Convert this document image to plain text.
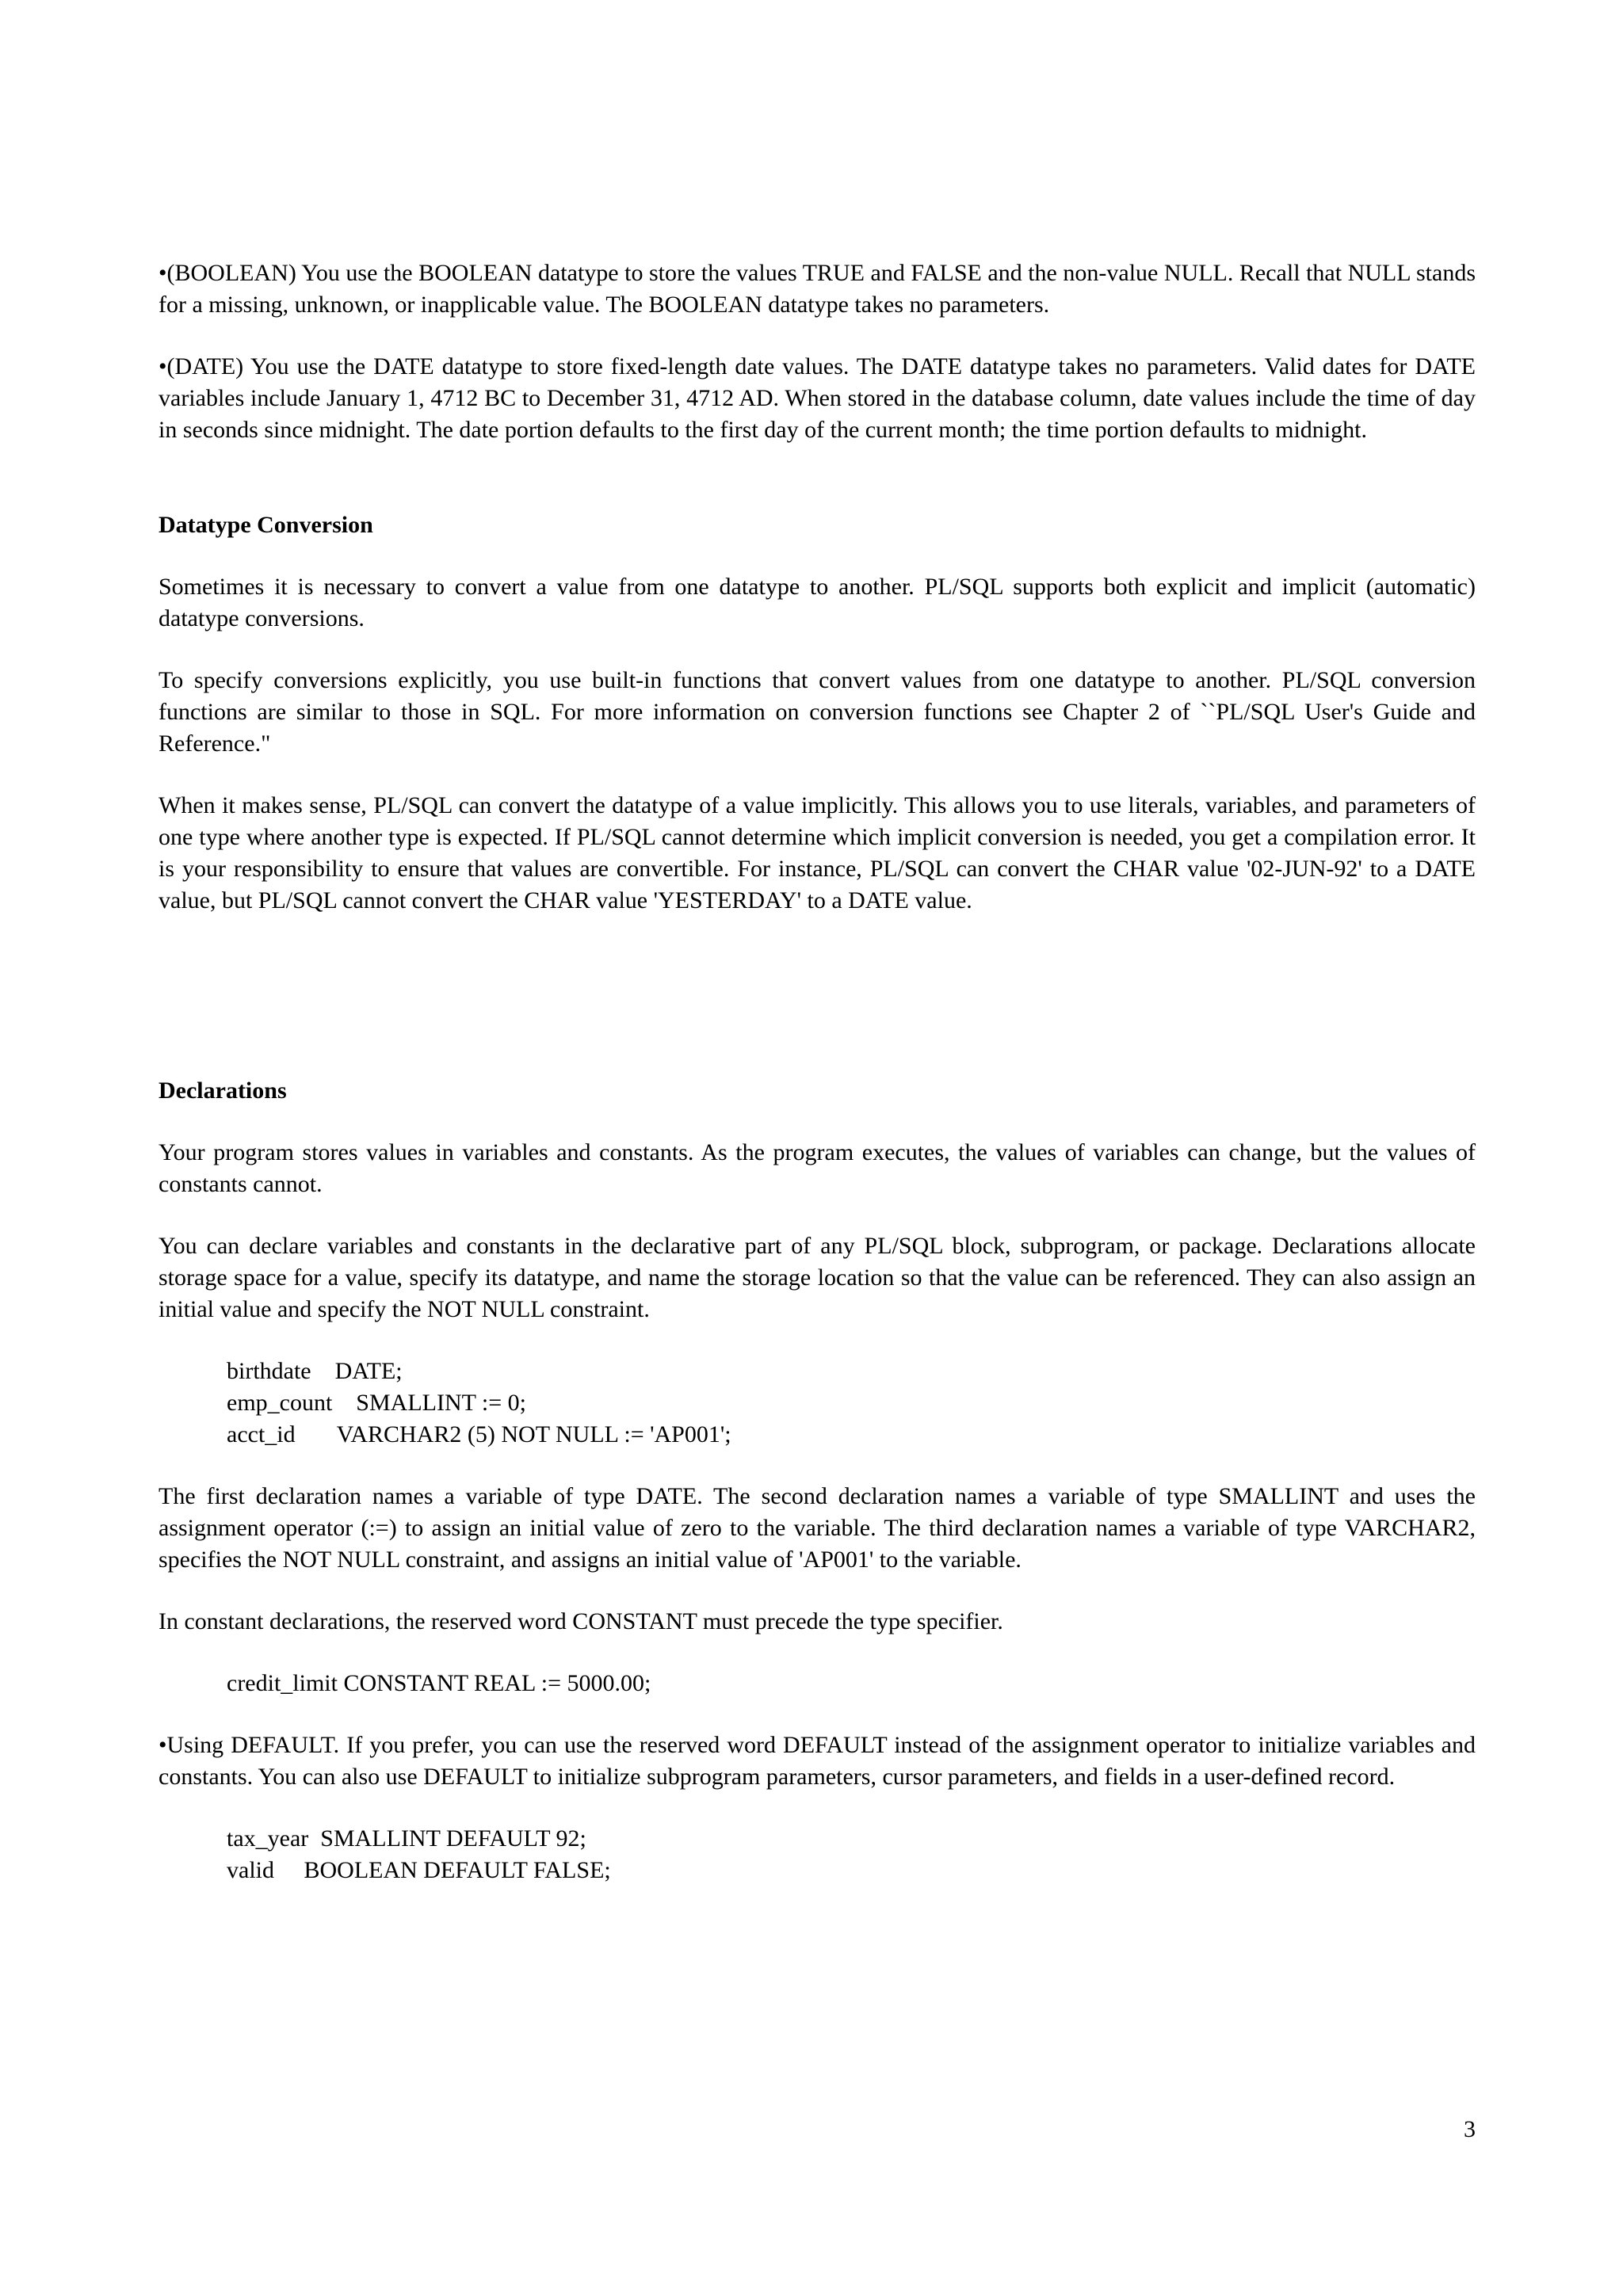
•(BOOLEAN) You use the BOOLEAN datatype to store the values TRUE and FALSE and the non-value NULL. Recall that NULL stands for a missing, unknown, or inapplicable value. The BOOLEAN datatype takes no parameters.

•(DATE) You use the DATE datatype to store fixed-length date values. The DATE datatype takes no parameters. Valid dates for DATE variables include January 1, 4712 BC to December 31, 4712 AD. When stored in the database column, date values include the time of day in seconds since midnight. The date portion defaults to the first day of the current month; the time portion defaults to midnight.

Datatype Conversion

Sometimes it is necessary to convert a value from one datatype to another. PL/SQL supports both explicit and implicit (automatic) datatype conversions.

To specify conversions explicitly, you use built-in functions that convert values from one datatype to another. PL/SQL conversion functions are similar to those in SQL. For more information on conversion functions see Chapter 2 of ``PL/SQL User's Guide and Reference."

When it makes sense, PL/SQL can convert the datatype of a value implicitly. This allows you to use literals, variables, and parameters of one type where another type is expected. If PL/SQL cannot determine which implicit conversion is needed, you get a compilation error. It is your responsibility to ensure that values are convertible. For instance, PL/SQL can convert the CHAR value '02-JUN-92' to a DATE value, but PL/SQL cannot convert the CHAR value 'YESTERDAY' to a DATE value.

Declarations

Your program stores values in variables and constants. As the program executes, the values of variables can change, but the values of constants cannot.

You can declare variables and constants in the declarative part of any PL/SQL block, subprogram, or package. Declarations allocate storage space for a value, specify its datatype, and name the storage location so that the value can be referenced. They can also assign an initial value and specify the NOT NULL constraint.

birthdate    DATE;
emp_count    SMALLINT := 0;
acct_id       VARCHAR2 (5) NOT NULL := 'AP001';

The first declaration names a variable of type DATE. The second declaration names a variable of type SMALLINT and uses the assignment operator (:=) to assign an initial value of zero to the variable. The third declaration names a variable of type VARCHAR2, specifies the NOT NULL constraint, and assigns an initial value of 'AP001' to the variable.

In constant declarations, the reserved word CONSTANT must precede the type specifier.

credit_limit CONSTANT REAL := 5000.00;

•Using DEFAULT. If you prefer, you can use the reserved word DEFAULT instead of the assignment operator to initialize variables and constants. You can also use DEFAULT to initialize subprogram parameters, cursor parameters, and fields in a user-defined record.

tax_year  SMALLINT DEFAULT 92;
valid     BOOLEAN DEFAULT FALSE;
3
